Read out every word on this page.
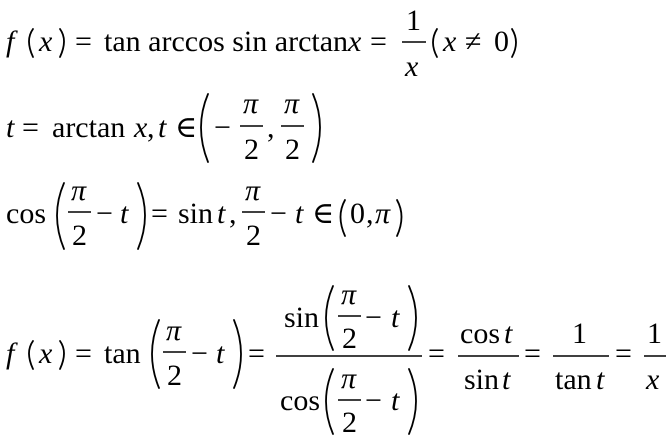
f x = tan arccos sin arctan x =
1
x
x ≠ 0
t = arctan x , t ∈ −
π
2
,
π
2
cos
π
2
− t = sin t ,
π
2
− t ∈ 0 , π
f x = tan
π
2
− t =
sin
π
2
− t
cos
π
2
− t
=
cos t
sin t
=
1
tan t
=
1
x
